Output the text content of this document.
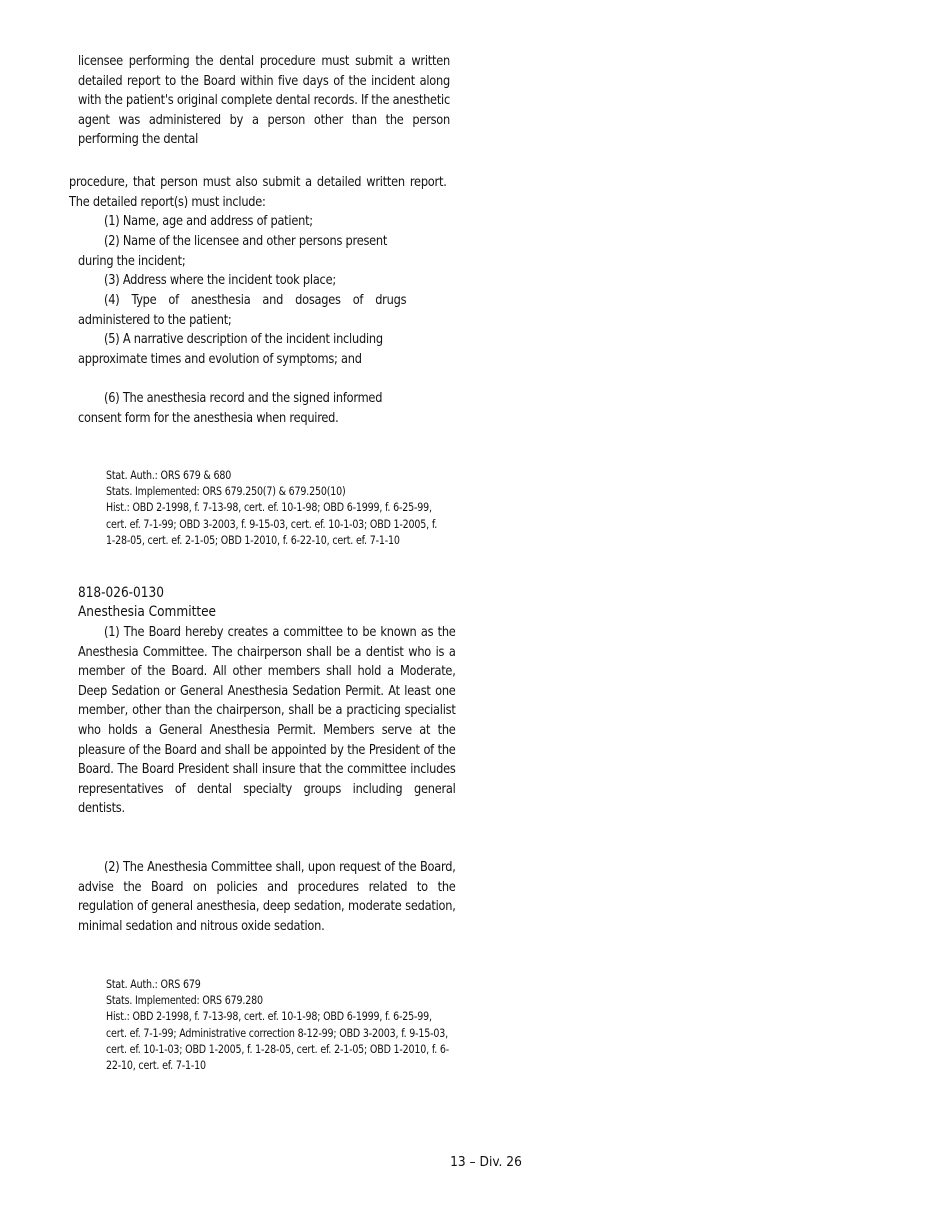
licensee performing the dental procedure must submit a written detailed report to the Board within five days of the incident along with the patient's original complete dental records. If the anesthetic agent was administered by a person other than the person performing the dental

procedure, that person must also submit a detailed written report. The detailed report(s) must include:

(1) Name, age and address of patient;

(2) Name of the licensee and other persons present during the incident;

(3) Address where the incident took place;

(4) Type of anesthesia and dosages of drugs administered to the patient;

(5) A narrative description of the incident including approximate times and evolution of symptoms; and

(6) The anesthesia record and the signed informed consent form for the anesthesia when required.

Stat. Auth.: ORS 679 & 680
Stats. Implemented: ORS 679.250(7) & 679.250(10)
Hist.: OBD 2-1998, f. 7-13-98, cert. ef. 10-1-98; OBD 6-1999, f. 6-25-99, cert. ef. 7-1-99; OBD 3-2003, f. 9-15-03, cert. ef. 10-1-03; OBD 1-2005, f. 1-28-05, cert. ef. 2-1-05; OBD 1-2010, f. 6-22-10, cert. ef. 7-1-10
818-026-0130
Anesthesia Committee

(1) The Board hereby creates a committee to be known as the Anesthesia Committee. The chairperson shall be a dentist who is a member of the Board. All other members shall hold a Moderate, Deep Sedation or General Anesthesia Sedation Permit. At least one member, other than the chairperson, shall be a practicing specialist who holds a General Anesthesia Permit. Members serve at the pleasure of the Board and shall be appointed by the President of the Board. The Board President shall insure that the committee includes representatives of dental specialty groups including general dentists.

(2) The Anesthesia Committee shall, upon request of the Board, advise the Board on policies and procedures related to the regulation of general anesthesia, deep sedation, moderate sedation, minimal sedation and nitrous oxide sedation.

Stat. Auth.: ORS 679
Stats. Implemented: ORS 679.280
Hist.: OBD 2-1998, f. 7-13-98, cert. ef. 10-1-98; OBD 6-1999, f. 6-25-99, cert. ef. 7-1-99; Administrative correction 8-12-99; OBD 3-2003, f. 9-15-03, cert. ef. 10-1-03; OBD 1-2005, f. 1-28-05, cert. ef. 2-1-05; OBD 1-2010, f. 6-22-10, cert. ef. 7-1-10
13 – Div. 26
